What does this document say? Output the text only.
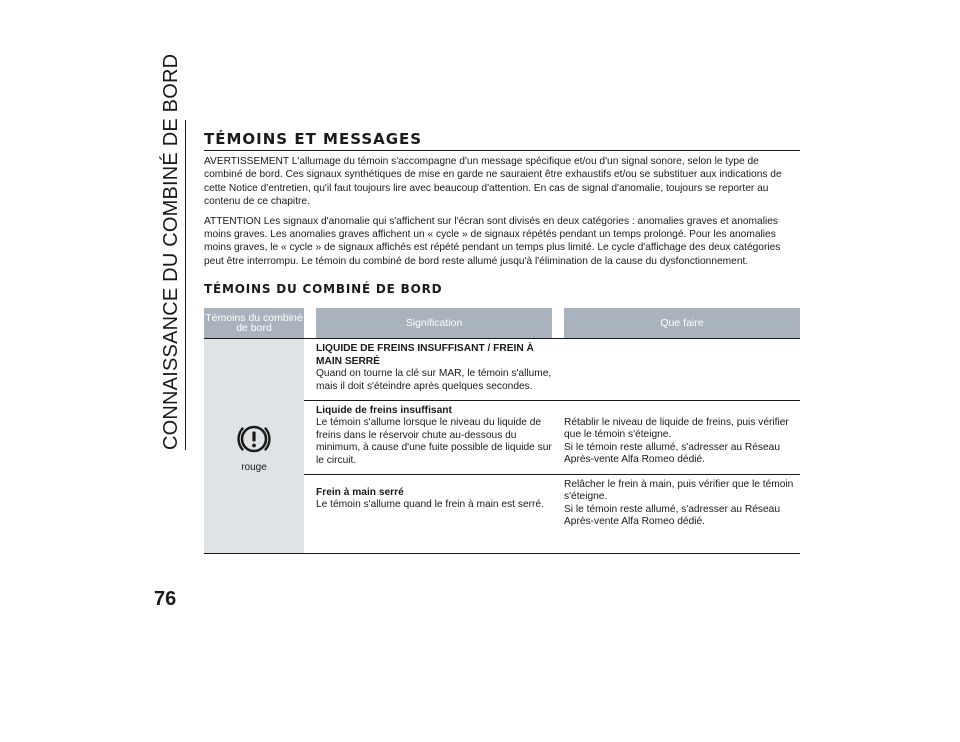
CONNAISSANCE DU COMBINÉ DE BORD
76
TÉMOINS ET MESSAGES

AVERTISSEMENT L'allumage du témoin s'accompagne d'un message spécifique et/ou d'un signal sonore, selon le type de combiné de bord. Ces signaux synthétiques de mise en garde ne sauraient être exhaustifs et/ou se substituer aux indications de cette Notice d'entretien, qu'il faut toujours lire avec beaucoup d'attention. En cas de signal d'anomalie, toujours se reporter au contenu de ce chapitre.

ATTENTION Les signaux d'anomalie qui s'affichent sur l'écran sont divisés en deux catégories : anomalies graves et anomalies moins graves. Les anomalies graves affichent un « cycle » de signaux répétés pendant un temps prolongé. Pour les anomalies moins graves, le « cycle » de signaux affichés est répété pendant un temps plus limité. Le cycle d'affichage des deux catégories peut être interrompu. Le témoin du combiné de bord reste allumé jusqu'à l'élimination de la cause du dysfonctionnement.

TÉMOINS DU COMBINÉ DE BORD
Témoins du combiné de bord	Signification	Que faire
rouge
LIQUIDE DE FREINS INSUFFISANT / FREIN À MAIN SERRÉ
Quand on tourne la clé sur MAR, le témoin s'allume, mais il doit s'éteindre après quelques secondes.
Liquide de freins insuffisant
Le témoin s'allume lorsque le niveau du liquide de freins dans le réservoir chute au-dessous du minimum, à cause d'une fuite possible de liquide sur le circuit.
Rétablir le niveau de liquide de freins, puis vérifier que le témoin s'éteigne.
Si le témoin reste allumé, s'adresser au Réseau Après-vente Alfa Romeo dédié.
Frein à main serré
Le témoin s'allume quand le frein à main est serré.
Relâcher le frein à main, puis vérifier que le témoin s'éteigne.
Si le témoin reste allumé, s'adresser au Réseau Après-vente Alfa Romeo dédié.
